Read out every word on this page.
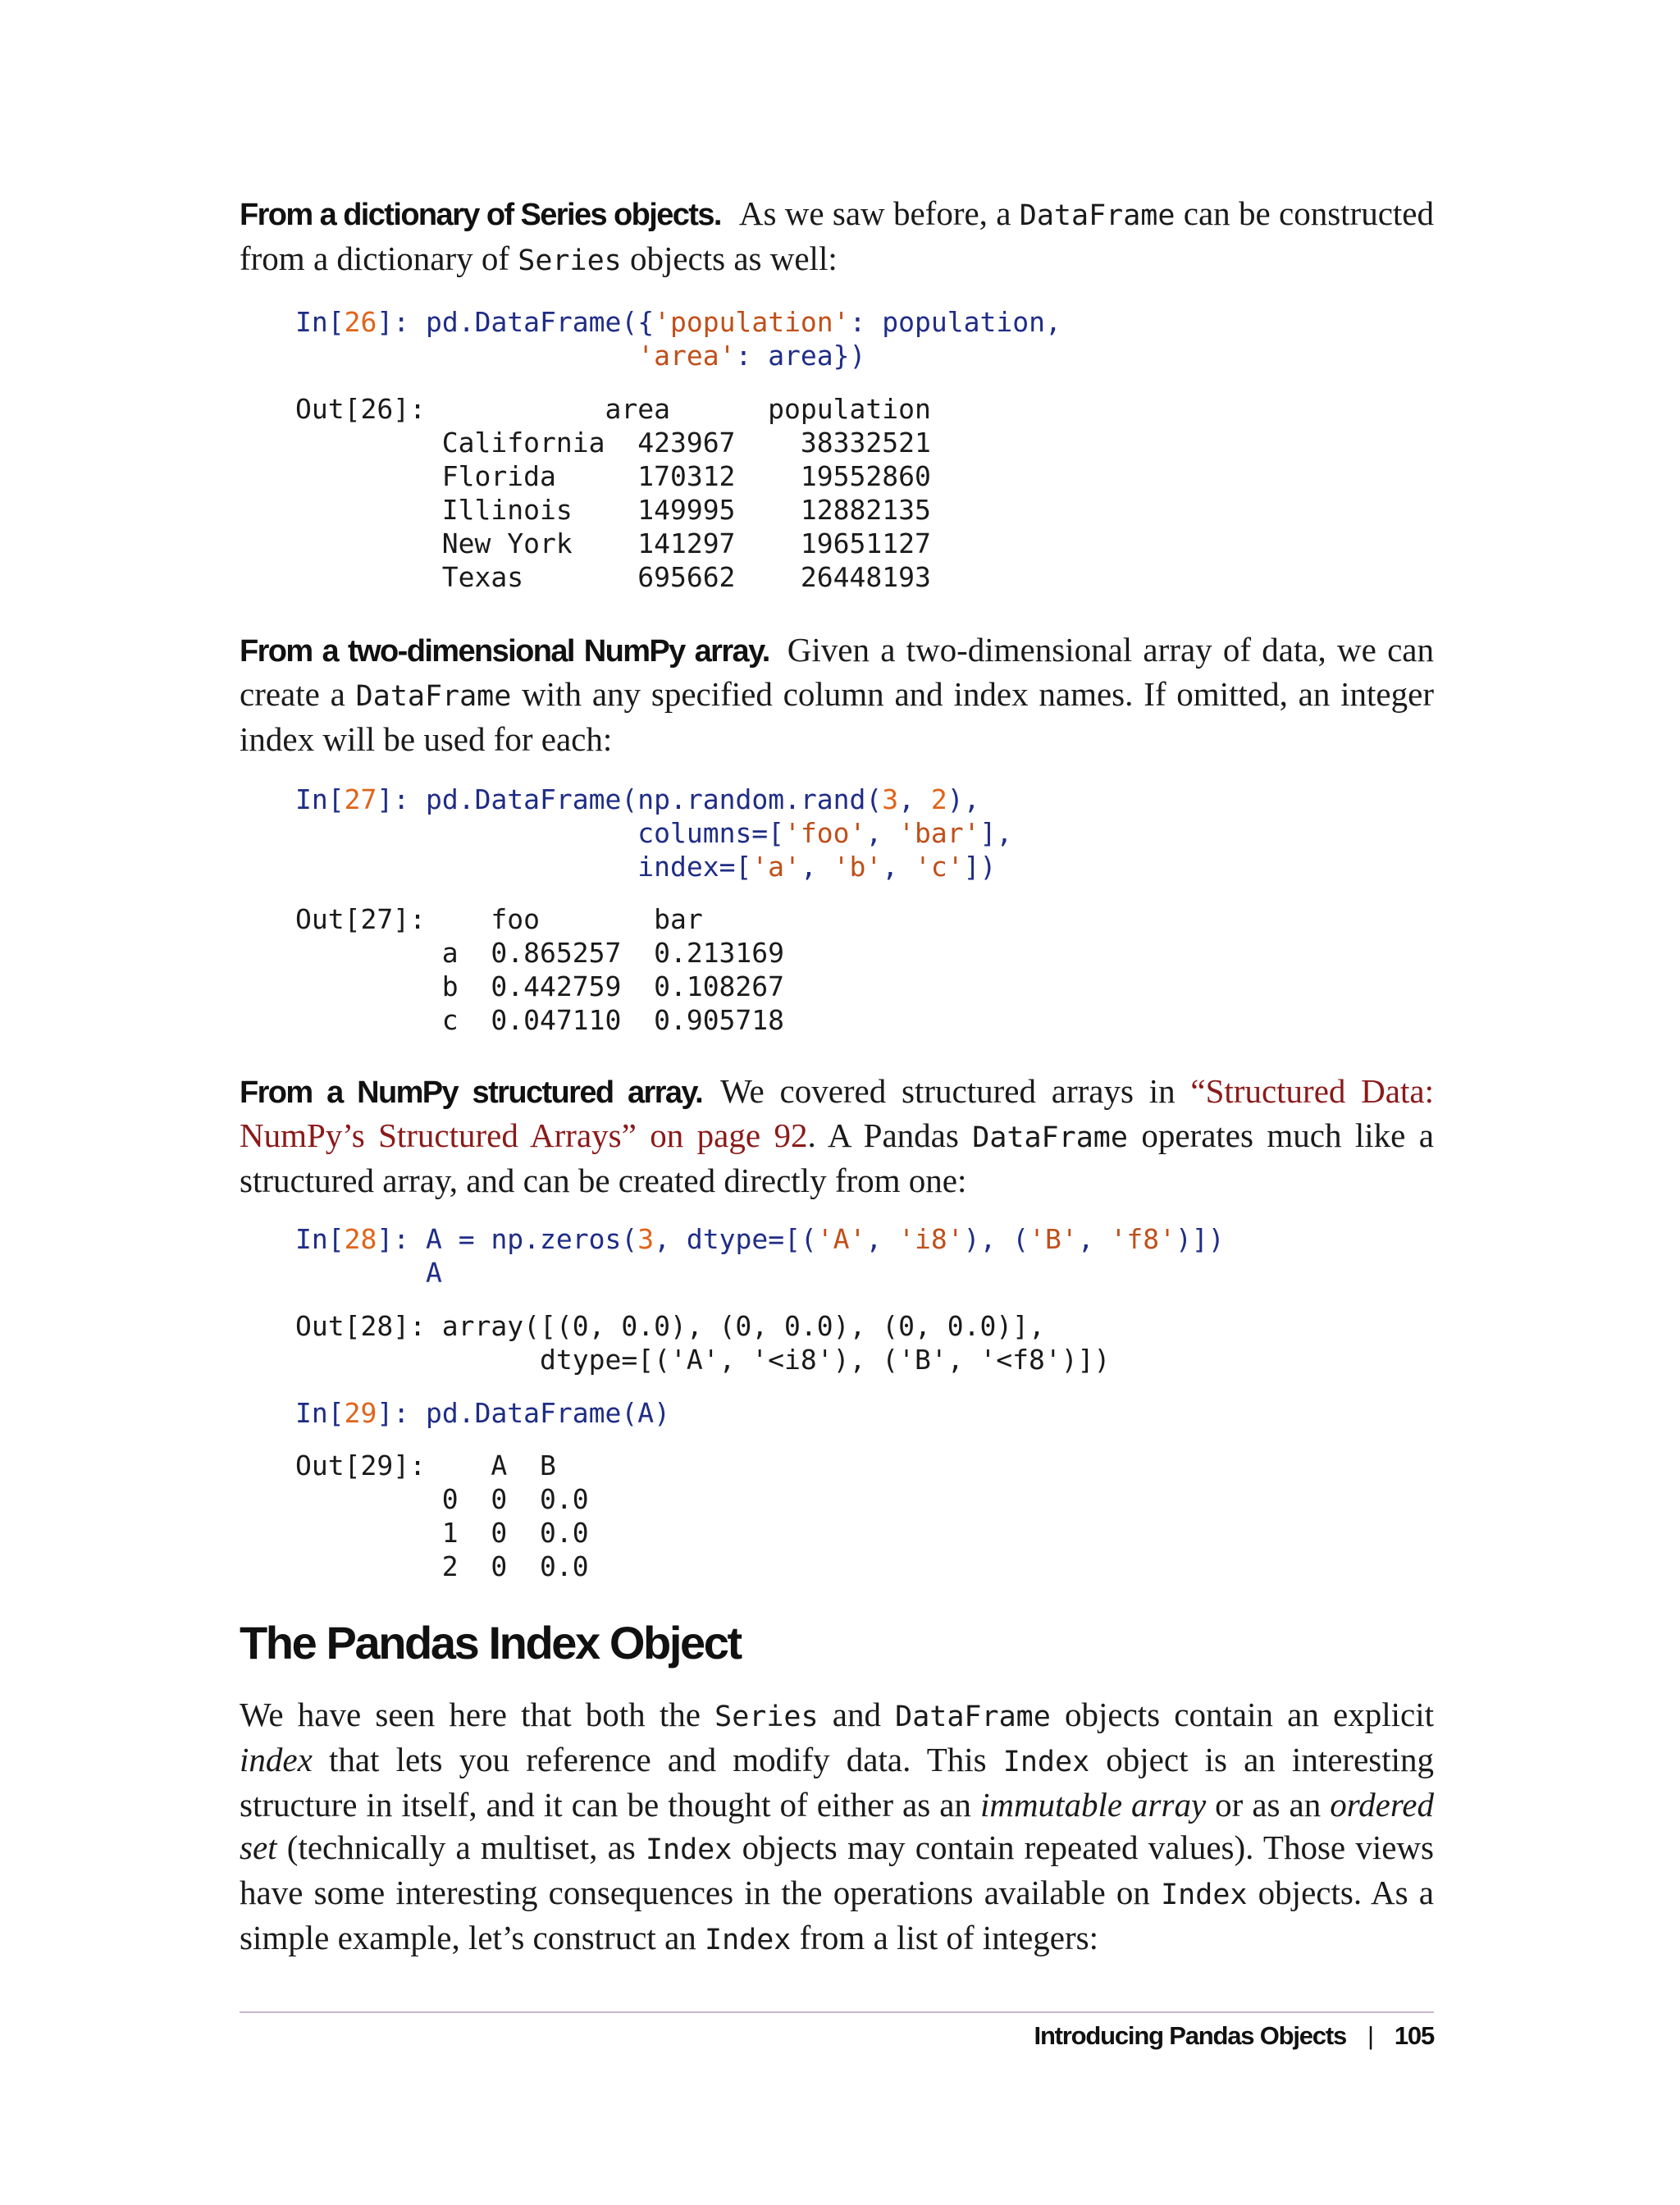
From a dictionary of Series objects. As we saw before, a DataFrame can be constructed from a dictionary of Series objects as well:

In[26]: pd.DataFrame({'population': population,
'area': area})
Out[26]:           area      population
California  423967    38332521
Florida     170312    19552860
Illinois    149995    12882135
New York    141297    19651127
Texas       695662    26448193

From a two-dimensional NumPy array. Given a two-dimensional array of data, we can create a DataFrame with any specified column and index names. If omitted, an integer index will be used for each:

In[27]: pd.DataFrame(np.random.rand(3, 2),
columns=['foo', 'bar'],
index=['a', 'b', 'c'])
Out[27]:    foo       bar
a  0.865257  0.213169
b  0.442759  0.108267
c  0.047110  0.905718

From a NumPy structured array. We covered structured arrays in “Structured Data: NumPy’s Structured Arrays” on page 92. A Pandas DataFrame operates much like a structured array, and can be created directly from one:

In[28]: A = np.zeros(3, dtype=[('A', 'i8'), ('B', 'f8')])
A
Out[28]: array([(0, 0.0), (0, 0.0), (0, 0.0)],
dtype=[('A', '<i8'), ('B', '<f8')])
In[29]: pd.DataFrame(A)
Out[29]:    A  B
0  0  0.0
1  0  0.0
2  0  0.0
The Pandas Index Object

We have seen here that both the Series and DataFrame objects contain an explicit index that lets you reference and modify data. This Index object is an interesting structure in itself, and it can be thought of either as an immutable array or as an ordered set (technically a multiset, as Index objects may contain repeated values). Those views have some interesting consequences in the operations available on Index objects. As a simple example, let’s construct an Index from a list of integers:

Introducing Pandas Objects | 105
